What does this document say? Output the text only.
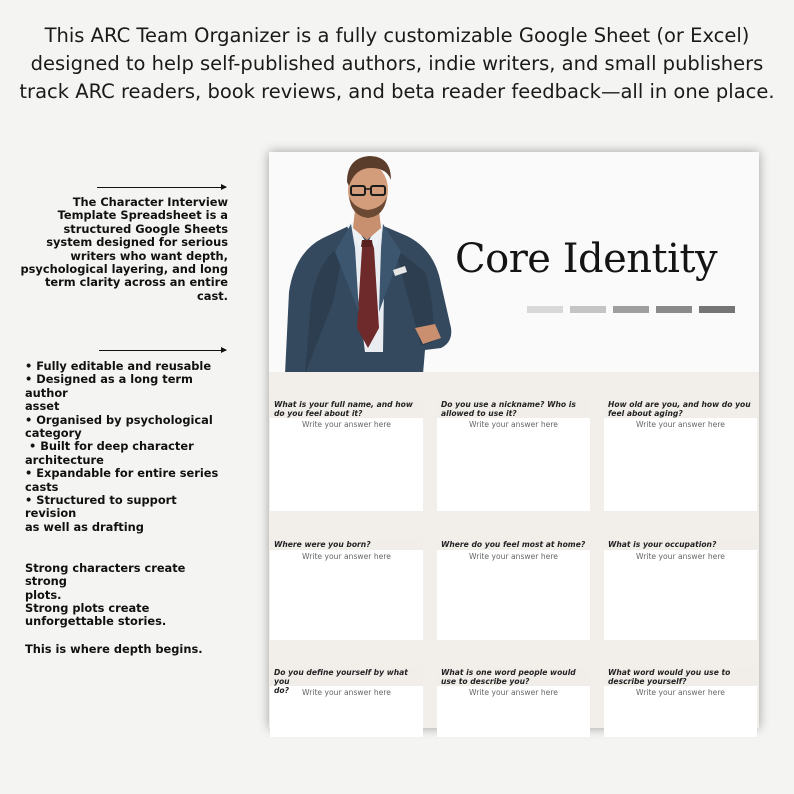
This ARC Team Organizer is a fully customizable Google Sheet (or Excel)
designed to help self-published authors, indie writers, and small publishers
track ARC readers, book reviews, and beta reader feedback—all in one place.
The Character Interview
Template Spreadsheet is a
structured Google Sheets
system designed for serious
writers who want depth,
psychological layering, and long
term clarity across an entire
cast.
• Fully editable and reusable
• Designed as a long term author
asset
• Organised by psychological
category
• Built for deep character
architecture
• Expandable for entire series
casts
• Structured to support revision
as well as drafting

Strong characters create strong
plots.

Strong plots create
unforgettable stories.

This is where depth begins.

Core Identity
What is your full name, and how
do you feel about it?
Write your answer here
Do you use a nickname? Who is
allowed to use it?
Write your answer here
How old are you, and how do you
feel about aging?
Write your answer here
Where were you born?
Write your answer here
Where do you feel most at home?
Write your answer here
What is your occupation?
Write your answer here
Do you define yourself by what you
do?	Write your answer here
What is one word people would
use to describe you?
Write your answer here
What word would you use to
describe yourself?
Write your answer here
